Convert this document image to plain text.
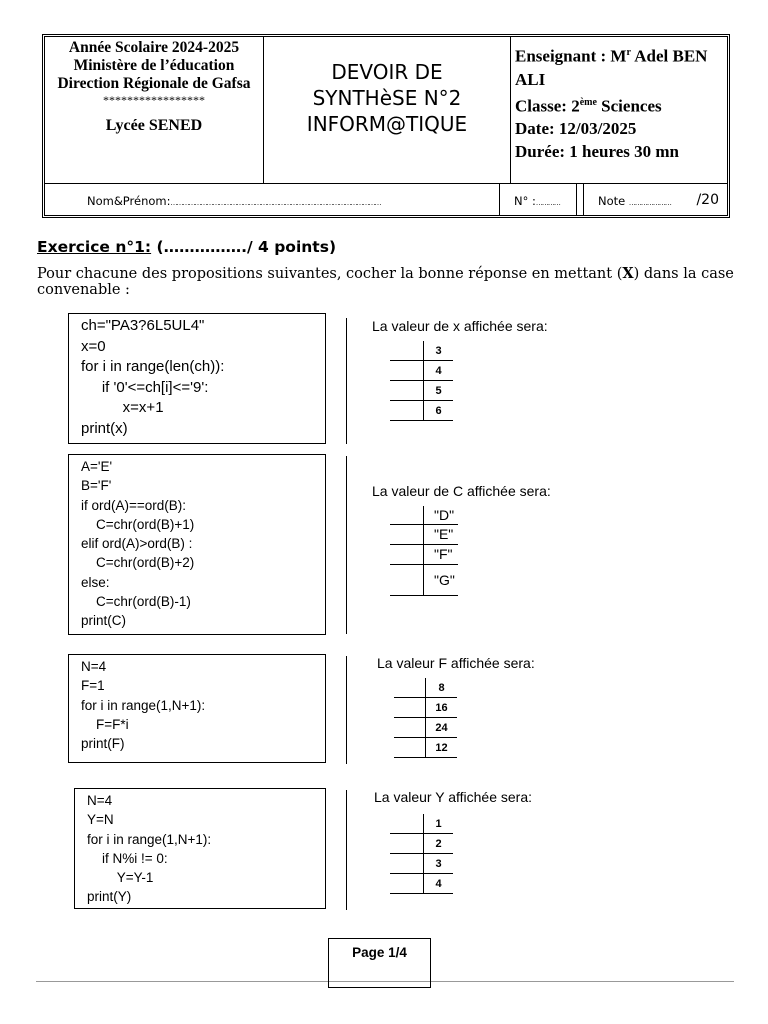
Année Scolaire 2024-2025
Ministère de l’éducation
Direction Régionale de Gafsa
*****************
Lycée SENED
DEVOIR DE
SYNTHèSE N°2
INFORM@TIQUE
Enseignant : $M^r$ Adel BEN ALI
Classe: 2ème Sciences
Date: 12/03/2025
Durée: 1 heures 30 mn
Nom&Prénom:……………………………………………………………………………………………	N° :…………	Note ………………… /20
Exercice n°1: (……………./ 4 points)
Pour chacune des propositions suivantes, cocher la bonne réponse en mettant (X) dans la case convenable :
ch="PA3?6L5UL4"
x=0
for i in range(len(ch)):
if '0'<=ch[i]<='9':
x=x+1
print(x)
La valeur de x affichée sera:
	3
	4
	5
	6
A='E'
B='F'
if ord(A)==ord(B):
C=chr(ord(B)+1)
elif ord(A)>ord(B) :
C=chr(ord(B)+2)
else:
C=chr(ord(B)-1)
print(C)
La valeur de C affichée sera:
	"D"
	"E"
	"F"
	"G"
N=4
F=1
for i in range(1,N+1):
F=F*i
print(F)
La valeur F affichée sera:
	8
	16
	24
	12
N=4
Y=N
for i in range(1,N+1):
if N%i != 0:
Y=Y-1
print(Y)
La valeur Y affichée sera:
	1
	2
	3
	4
Page 1/4
